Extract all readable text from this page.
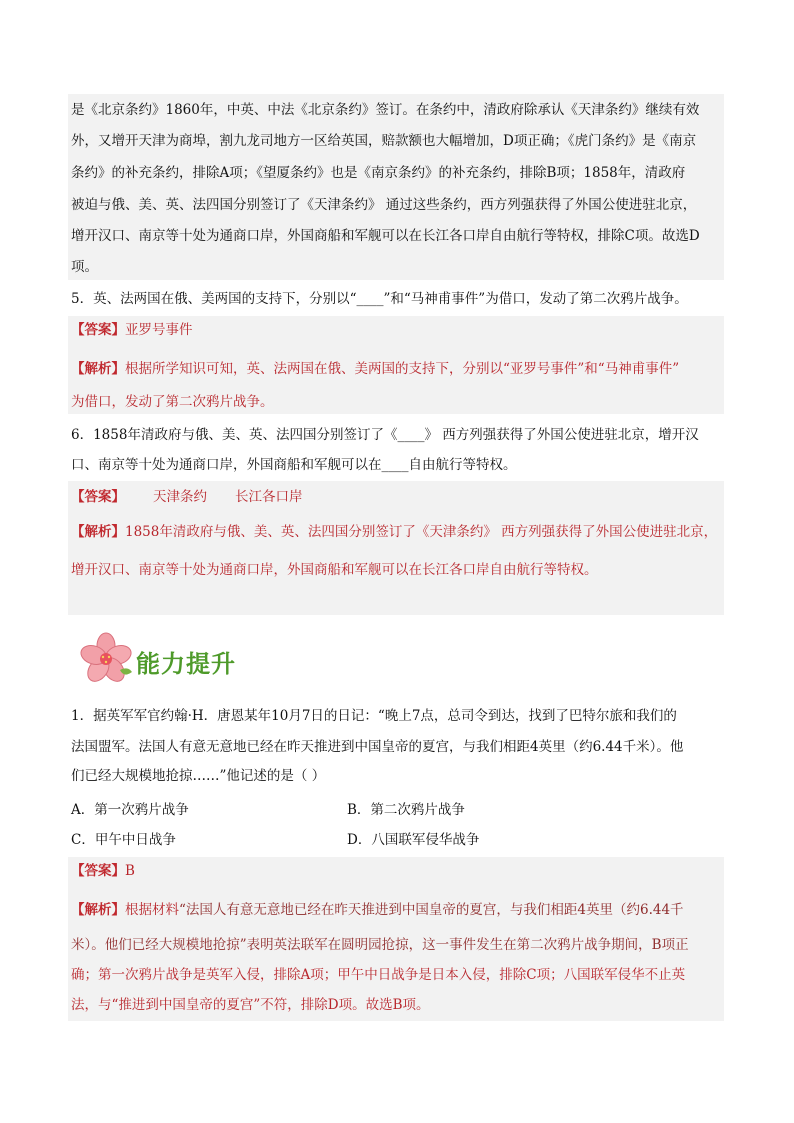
是《北京条约》1860年，中英、中法《北京条约》签订。在条约中，清政府除承认《天津条约》继续有效
外，又增开天津为商埠，割九龙司地方一区给英国，赔款额也大幅增加，D项正确；《虎门条约》是《南京
条约》的补充条约，排除A项；《望厦条约》也是《南京条约》的补充条约，排除B项；1858年，清政府
被迫与俄、美、英、法四国分别签订了《天津条约》 通过这些条约，西方列强获得了外国公使进驻北京，
增开汉口、南京等十处为通商口岸，外国商船和军舰可以在长江各口岸自由航行等特权，排除C项。故选D
项。
5．英、法两国在俄、美两国的支持下，分别以“____”和“马神甫事件”为借口，发动了第二次鸦片战争。
【答案】亚罗号事件
【解析】根据所学知识可知，英、法两国在俄、美两国的支持下，分别以“亚罗号事件”和“马神甫事件”
为借口，发动了第二次鸦片战争。
6．1858年清政府与俄、美、英、法四国分别签订了《____》 西方列强获得了外国公使进驻北京，增开汉
口、南京等十处为通商口岸，外国商船和军舰可以在____自由航行等特权。
【答案】 天津条约 长江各口岸
【解析】1858年清政府与俄、美、英、法四国分别签订了《天津条约》 西方列强获得了外国公使进驻北京，
增开汉口、南京等十处为通商口岸，外国商船和军舰可以在长江各口岸自由航行等特权。
能力提升
1．据英军军官约翰·H．唐恩某年10月7日的日记：“晚上7点，总司令到达，找到了巴特尔旅和我们的
法国盟军。法国人有意无意地已经在昨天推进到中国皇帝的夏宫，与我们相距4英里（约6.44千米）。他
们已经大规模地抢掠……”他记述的是（ ）
A．第一次鸦片战争	B．第二次鸦片战争
C．甲午中日战争	D．八国联军侵华战争
【答案】B
【解析】根据材料“法国人有意无意地已经在昨天推进到中国皇帝的夏宫，与我们相距4英里（约6.44千
米）。他们已经大规模地抢掠”表明英法联军在圆明园抢掠，这一事件发生在第二次鸦片战争期间，B项正
确；第一次鸦片战争是英军入侵，排除A项；甲午中日战争是日本入侵，排除C项；八国联军侵华不止英
法，与“推进到中国皇帝的夏宫”不符，排除D项。故选B项。
